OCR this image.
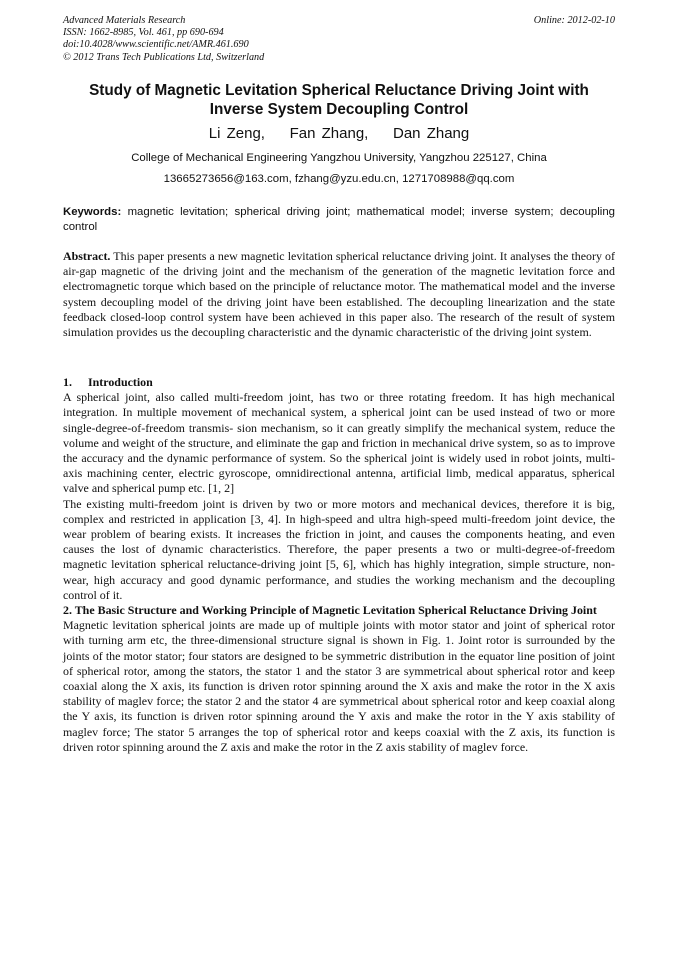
Advanced Materials Research
ISSN: 1662-8985, Vol. 461, pp 690-694
doi:10.4028/www.scientific.net/AMR.461.690
© 2012 Trans Tech Publications Ltd, Switzerland
Online: 2012-02-10
Study of Magnetic Levitation Spherical Reluctance Driving Joint with Inverse System Decoupling Control
Li Zeng,    Fan Zhang,    Dan Zhang
College of Mechanical Engineering Yangzhou University, Yangzhou 225127, China
13665273656@163.com, fzhang@yzu.edu.cn, 1271708988@qq.com
Keywords: magnetic levitation; spherical driving joint; mathematical model; inverse system; decoupling control
Abstract. This paper presents a new magnetic levitation spherical reluctance driving joint. It analyses the theory of air-gap magnetic of the driving joint and the mechanism of the generation of the magnetic levitation force and electromagnetic torque which based on the principle of reluctance motor. The mathematical model and the inverse system decoupling model of the driving joint have been established. The decoupling linearization and the state feedback closed-loop control system have been achieved in this paper also. The research of the result of system simulation provides us the decoupling characteristic and the dynamic characteristic of the driving joint system.
1. Introduction

A spherical joint, also called multi-freedom joint, has two or three rotating freedom. It has high mechanical integration. In multiple movement of mechanical system, a spherical joint can be used instead of two or more single-degree-of-freedom transmis- sion mechanism, so it can greatly simplify the mechanical system, reduce the volume and weight of the structure, and eliminate the gap and friction in mechanical drive system, so as to improve the accuracy and the dynamic performance of system. So the spherical joint is widely used in robot joints, multi-axis machining center, electric gyroscope, omnidirectional antenna, artificial limb, medical apparatus, spherical valve and spherical pump etc. [1, 2]

The existing multi-freedom joint is driven by two or more motors and mechanical devices, therefore it is big, complex and restricted in application [3, 4]. In high-speed and ultra high-speed multi-freedom joint device, the wear problem of bearing exists. It increases the friction in joint, and causes the components heating, and even causes the lost of dynamic characteristics. Therefore, the paper presents a two or multi-degree-of-freedom magnetic levitation spherical reluctance-driving joint [5, 6], which has highly integration, simple structure, non-wear, high accuracy and good dynamic performance, and studies the working mechanism and the decoupling control of it.

2. The Basic Structure and Working Principle of Magnetic Levitation Spherical Reluctance Driving Joint

Magnetic levitation spherical joints are made up of multiple joints with motor stator and joint of spherical rotor with turning arm etc, the three-dimensional structure signal is shown in Fig. 1. Joint rotor is surrounded by the joints of the motor stator; four stators are designed to be symmetric distribution in the equator line position of joint of spherical rotor, among the stators, the stator 1 and the stator 3 are symmetrical about spherical rotor and keep coaxial along the X axis, its function is driven rotor spinning around the X axis and make the rotor in the X axis stability of maglev force; the stator 2 and the stator 4 are symmetrical about spherical rotor and keep coaxial along the Y axis, its function is driven rotor spinning around the Y axis and make the rotor in the Y axis stability of maglev force; The stator 5 arranges the top of spherical rotor and keeps coaxial with the Z axis, its function is driven rotor spinning around the Z axis and make the rotor in the Z axis stability of maglev force.
